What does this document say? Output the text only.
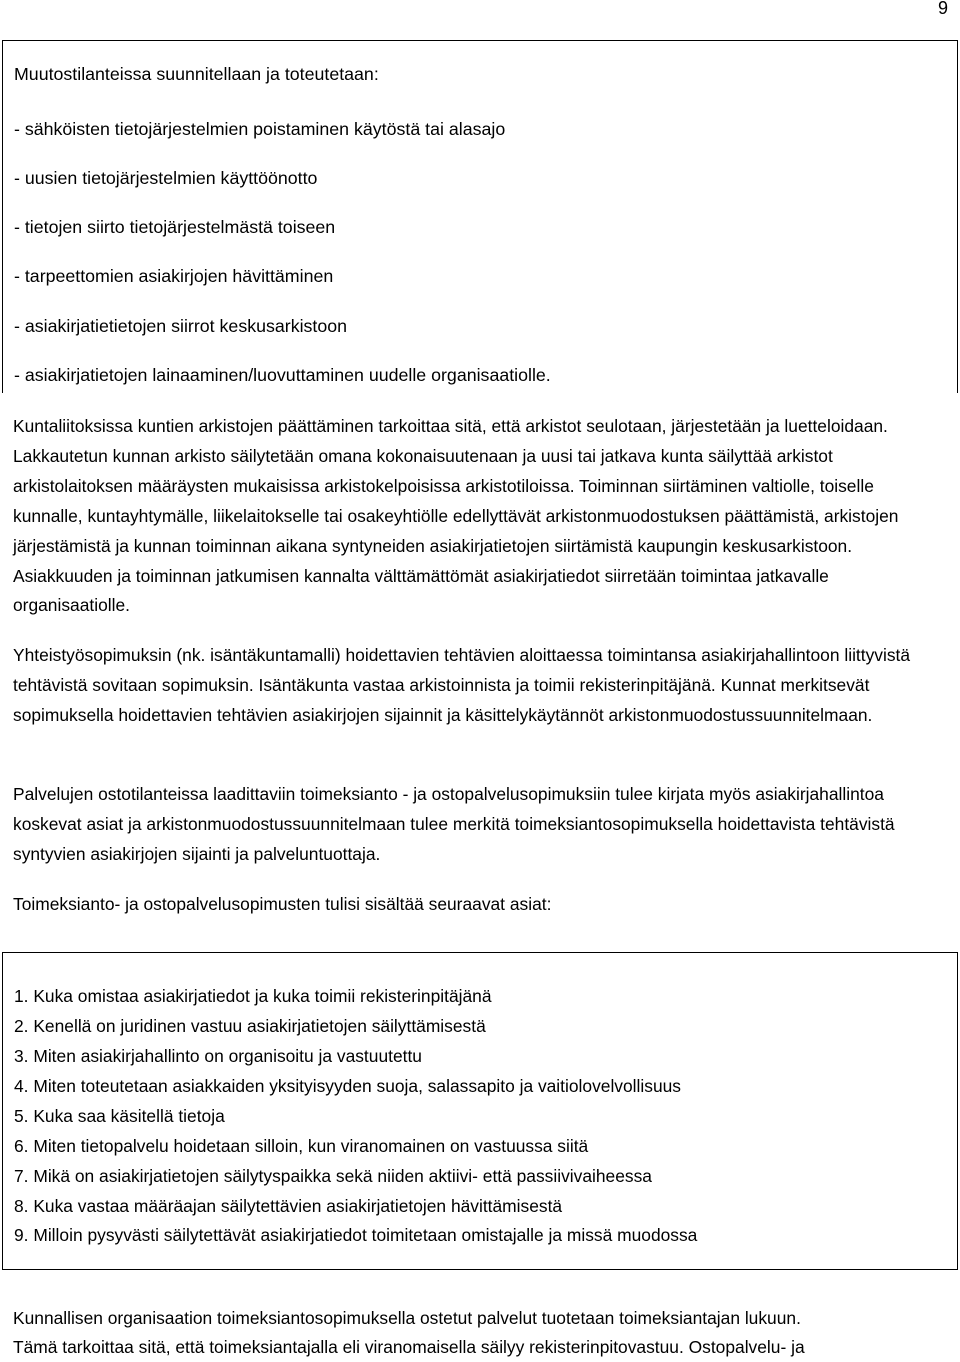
9
Muutostilanteissa suunnitellaan ja toteutetaan:
- sähköisten tietojärjestelmien poistaminen käytöstä tai alasajo
- uusien tietojärjestelmien käyttöönotto
- tietojen siirto tietojärjestelmästä toiseen
- tarpeettomien asiakirjojen hävittäminen
- asiakirjatietietojen siirrot keskusarkistoon
- asiakirjatietojen lainaaminen/luovuttaminen uudelle organisaatiolle.

Kuntaliitoksissa kuntien arkistojen päättäminen tarkoittaa sitä, että arkistot seulotaan, järjestetään ja luetteloidaan. Lakkautetun kunnan arkisto säilytetään omana kokonaisuutenaan ja uusi tai jatkava kunta säilyttää arkistot arkistolaitoksen määräysten mukaisissa arkistokelpoisissa arkistotiloissa. Toiminnan siirtäminen valtiolle, toiselle kunnalle, kuntayhtymälle, liikelaitokselle tai osakeyhtiölle edellyttävät arkistonmuodostuksen päättämistä, arkistojen järjestämistä ja kunnan toiminnan aikana syntyneiden asiakirjatietojen siirtämistä kaupungin keskusarkistoon. Asiakkuuden ja toiminnan jatkumisen kannalta välttämättömät asiakirjatiedot siirretään toimintaa jatkavalle organisaatiolle.

Yhteistyösopimuksin (nk. isäntäkuntamalli) hoidettavien tehtävien aloittaessa toimintansa asiakirjahallintoon liittyvistä tehtävistä sovitaan sopimuksin. Isäntäkunta vastaa arkistoinnista ja toimii rekisterinpitäjänä. Kunnat merkitsevät sopimuksella hoidettavien tehtävien asiakirjojen sijainnit ja käsittelykäytännöt arkistonmuodostussuunnitelmaan.

Palvelujen ostotilanteissa laadittaviin toimeksianto - ja ostopalvelusopimuksiin tulee kirjata myös asiakirjahallintoa koskevat asiat ja arkistonmuodostussuunnitelmaan tulee merkitä toimeksiantosopimuksella hoidettavista tehtävistä syntyvien asiakirjojen sijainti ja palveluntuottaja.

Toimeksianto- ja ostopalvelusopimusten tulisi sisältää seuraavat asiat:

1. Kuka omistaa asiakirjatiedot ja kuka toimii rekisterinpitäjänä
2. Kenellä on juridinen vastuu asiakirjatietojen säilyttämisestä
3. Miten asiakirjahallinto on organisoitu ja vastuutettu
4. Miten toteutetaan asiakkaiden yksityisyyden suoja, salassapito ja vaitiolovelvollisuus
5. Kuka saa käsitellä tietoja
6. Miten tietopalvelu hoidetaan silloin, kun viranomainen on vastuussa siitä
7. Mikä on asiakirjatietojen säilytyspaikka sekä niiden aktiivi- että passiivivaiheessa
8. Kuka vastaa määräajan säilytettävien asiakirjatietojen hävittämisestä
9. Milloin pysyvästi säilytettävät asiakirjatiedot toimitetaan omistajalle ja missä muodossa
Kunnallisen organisaation toimeksiantosopimuksella ostetut palvelut tuotetaan toimeksiantajan lukuun.
Tämä tarkoittaa sitä, että toimeksiantajalla eli viranomaisella säilyy rekisterinpitovastuu. Ostopalvelu- ja
